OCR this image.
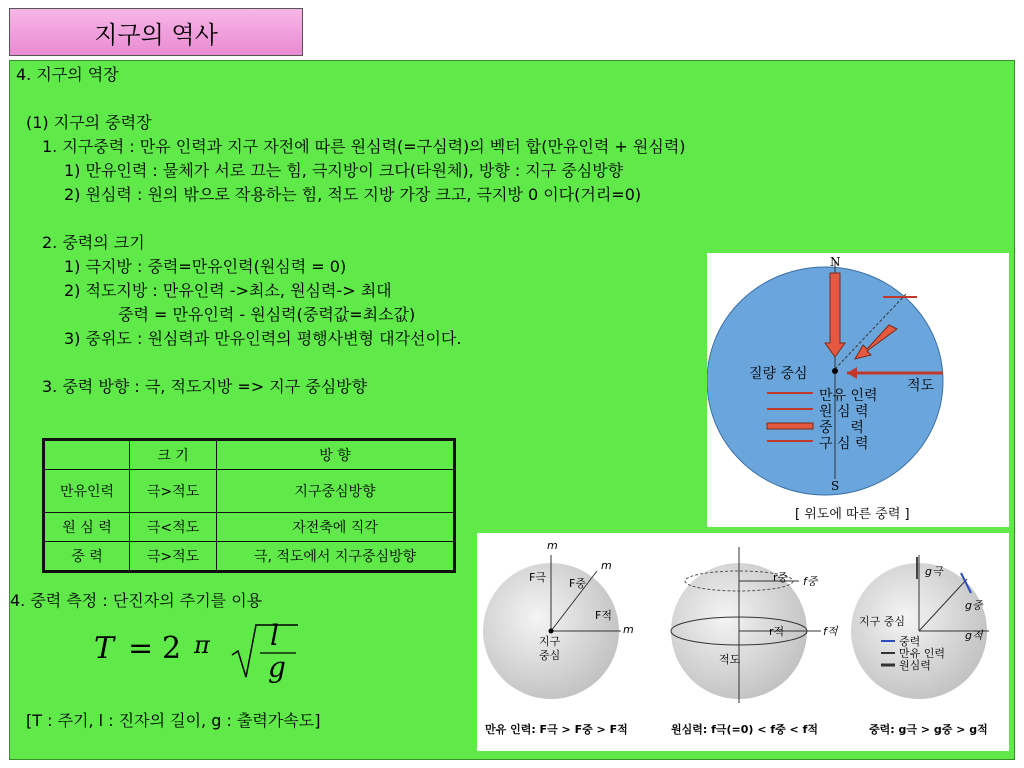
지구의 역사
4. 지구의 역장
(1) 지구의 중력장
1. 지구중력 : 만유 인력과 지구 자전에 따른 원심력(=구심력)의 벡터 합(만유인력 + 원심력)
1) 만유인력 : 물체가 서로 끄는 힘, 극지방이 크다(타원체), 방향 : 지구 중심방향
2) 원심력 : 원의 밖으로 작용하는 힘, 적도 지방 가장 크고, 극지방 0 이다(거리=0)
2. 중력의 크기
1) 극지방 : 중력=만유인력(원심력 = 0)
2) 적도지방 : 만유인력 ->최소, 원심력-> 최대
중력 = 만유인력 - 원심력(중력값=최소값)
3) 중위도 : 원심력과 만유인력의 평행사변형 대각선이다.
3. 중력 방향 : 극, 적도지방 => 지구 중심방향
	크 기	방 향
만유인력	극>적도	지구중심방향
원 심 력	극<적도	자전축에 직각
중 력	극>적도	극, 적도에서 지구중심방향
4. 중력 측정 : 단진자의 주기를 이용
T = 2 π l
g
[T : 주기, l : 진자의 길이, g : 출력가속도]
N
S
질량 중심
적도
만유 인력
원 심 력
중    력
구 심 력
[ 위도에 따른 중력 ]
m
m
m
F극 F중
F적
지구
중심
r중
r적
f중
f적
적도
g극
g중
g적
지구 중심
중력
만유 인력
원심력
만유 인력: F극 > F중 > F적	원심력: f극(=0) < f중 < f적	중력: g극 > g중 > g적
